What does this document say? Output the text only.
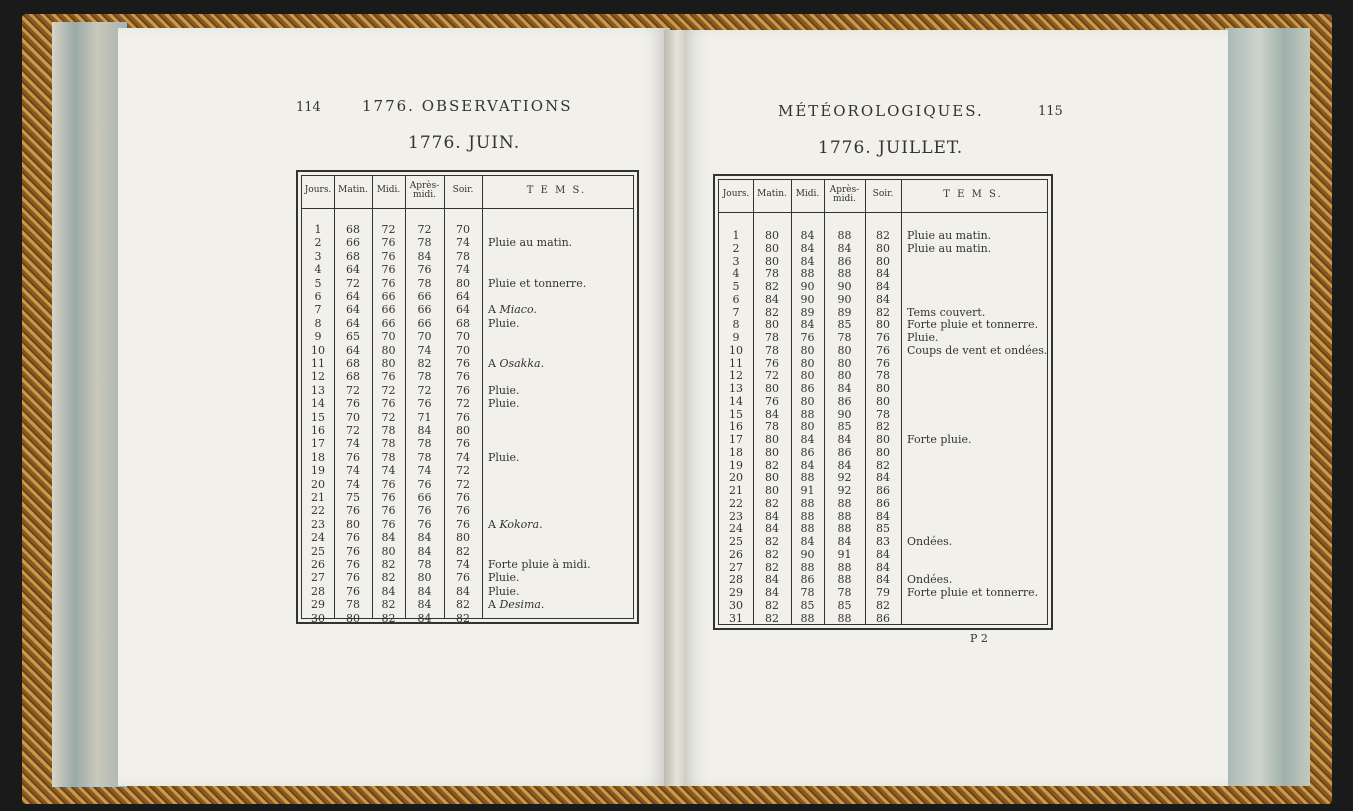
114	1776. OBSERVATIONS
1776. JUIN.
MÉTÉOROLOGIQUES.	115
1776. JUILLET.
P 2
Jours. Matin. Midi.	Après-midi.	Soir.	T E M S.
1	68	72	72	70
2	66	76	78	74	Pluie au matin.
3	68	76	84	78
4	64	76	76	74
5	72	76	78	80	Pluie et tonnerre.
6	64	66	66	64
7	64	66	66	64	A Miaco.
8	64	66	66	68	Pluie.
9	65	70	70	70
10	64	80	74	70
11	68	80	82	76	A Osakka.
12	68	76	78	76
13	72	72	72	76	Pluie.
14	76	76	76	72	Pluie.
15	70	72	71	76
16	72	78	84	80
17	74	78	78	76
18	76	78	78	74	Pluie.
19	74	74	74	72
20	74	76	76	72
21	75	76	66	76
22	76	76	76	76
23	80	76	76	76	A Kokora.
24	76	84	84	80
25	76	80	84	82
26	76	82	78	74	Forte pluie à midi.
27	76	82	80	76	Pluie.
28	76	84	84	84	Pluie.
29	78	82	84	82	A Desima.
30	80	82	84	82
Jours. Matin. Midi.	Après-midi.	Soir.	T E M S.
1	80	84	88	82	Pluie au matin.
2	80	84	84	80	Pluie au matin.
3	80	84	86	80
4	78	88	88	84
5	82	90	90	84
6	84	90	90	84
7	82	89	89	82	Tems couvert.
8	80	84	85	80	Forte pluie et tonnerre.
9	78	76	78	76	Pluie.
10	78	80	80	76	Coups de vent et ondées.
11	76	80	80	76
12	72	80	80	78
13	80	86	84	80
14	76	80	86	80
15	84	88	90	78
16	78	80	85	82
17	80	84	84	80	Forte pluie.
18	80	86	86	80
19	82	84	84	82
20	80	88	92	84
21	80	91	92	86
22	82	88	88	86
23	84	88	88	84
24	84	88	88	85
25	82	84	84	83	Ondées.
26	82	90	91	84
27	82	88	88	84
28	84	86	88	84	Ondées.
29	84	78	78	79	Forte pluie et tonnerre.
30	82	85	85	82
31	82	88	88	86
